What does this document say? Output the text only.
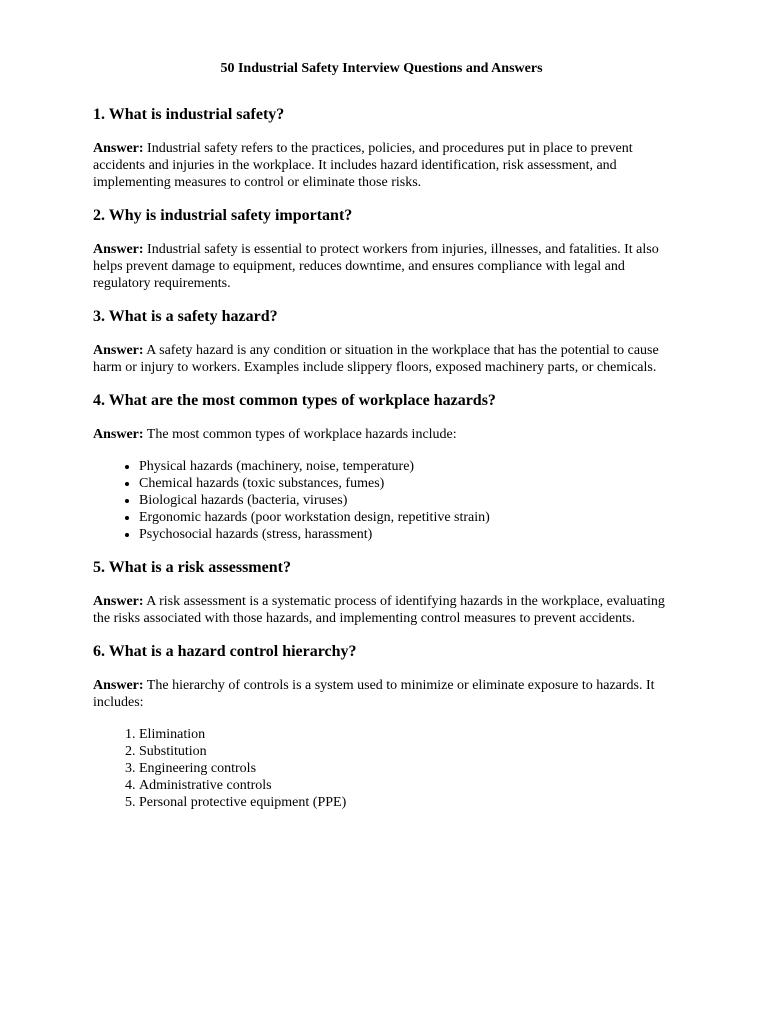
50 Industrial Safety Interview Questions and Answers
1. What is industrial safety?
Answer: Industrial safety refers to the practices, policies, and procedures put in place to prevent accidents and injuries in the workplace. It includes hazard identification, risk assessment, and implementing measures to control or eliminate those risks.
2. Why is industrial safety important?
Answer: Industrial safety is essential to protect workers from injuries, illnesses, and fatalities. It also helps prevent damage to equipment, reduces downtime, and ensures compliance with legal and regulatory requirements.
3. What is a safety hazard?
Answer: A safety hazard is any condition or situation in the workplace that has the potential to cause harm or injury to workers. Examples include slippery floors, exposed machinery parts, or chemicals.
4. What are the most common types of workplace hazards?
Answer: The most common types of workplace hazards include:
• Physical hazards (machinery, noise, temperature)
• Chemical hazards (toxic substances, fumes)
• Biological hazards (bacteria, viruses)
• Ergonomic hazards (poor workstation design, repetitive strain)
• Psychosocial hazards (stress, harassment)
5. What is a risk assessment?
Answer: A risk assessment is a systematic process of identifying hazards in the workplace, evaluating the risks associated with those hazards, and implementing control measures to prevent accidents.
6. What is a hazard control hierarchy?
Answer: The hierarchy of controls is a system used to minimize or eliminate exposure to hazards. It includes:
1. Elimination
2. Substitution
3. Engineering controls
4. Administrative controls
5. Personal protective equipment (PPE)
